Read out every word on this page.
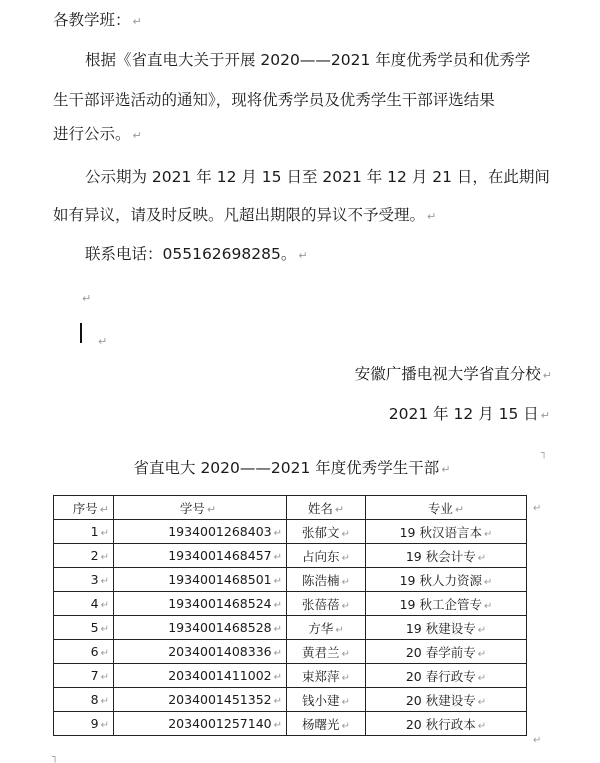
各教学班： ↵
根据《省直电大关于开展 2020——2021 年度优秀学员和优秀学
生干部评选活动的通知》，现将优秀学员及优秀学生干部评选结果
进行公示。 ↵
公示期为 2021 年 12 月 15 日至 2021 年 12 月 21 日，在此期间
如有异议，请及时反映。凡超出期限的异议不予受理。 ↵
联系电话：055162698285。 ↵
↵
↵
安徽广播电视大学省直分校 ↵
2021 年 12 月 15 日 ↵
┐
省直电大 2020——2021 年度优秀学生干部 ↵
序号 ↵	学号 ↵	姓名 ↵	专业 ↵
1 ↵	1934001268403 ↵	张郁文 ↵	19 秋汉语言本 ↵
2 ↵	1934001468457 ↵	占向东 ↵	19 秋会计专 ↵
3 ↵	1934001468501 ↵	陈浩楠 ↵	19 秋人力资源 ↵
4 ↵	1934001468524 ↵	张蓓蓓 ↵	19 秋工企管专 ↵
5 ↵	1934001468528 ↵	方华 ↵	19 秋建设专 ↵
6 ↵	2034001408336 ↵	黄君兰 ↵	20 春学前专 ↵
7 ↵	2034001411002 ↵	束郑萍 ↵	20 春行政专 ↵
8 ↵	2034001451352 ↵	钱小建 ↵	20 秋建设专 ↵
9 ↵	2034001257140 ↵	杨曙光 ↵	20 秋行政本 ↵
↵
↵
┐
